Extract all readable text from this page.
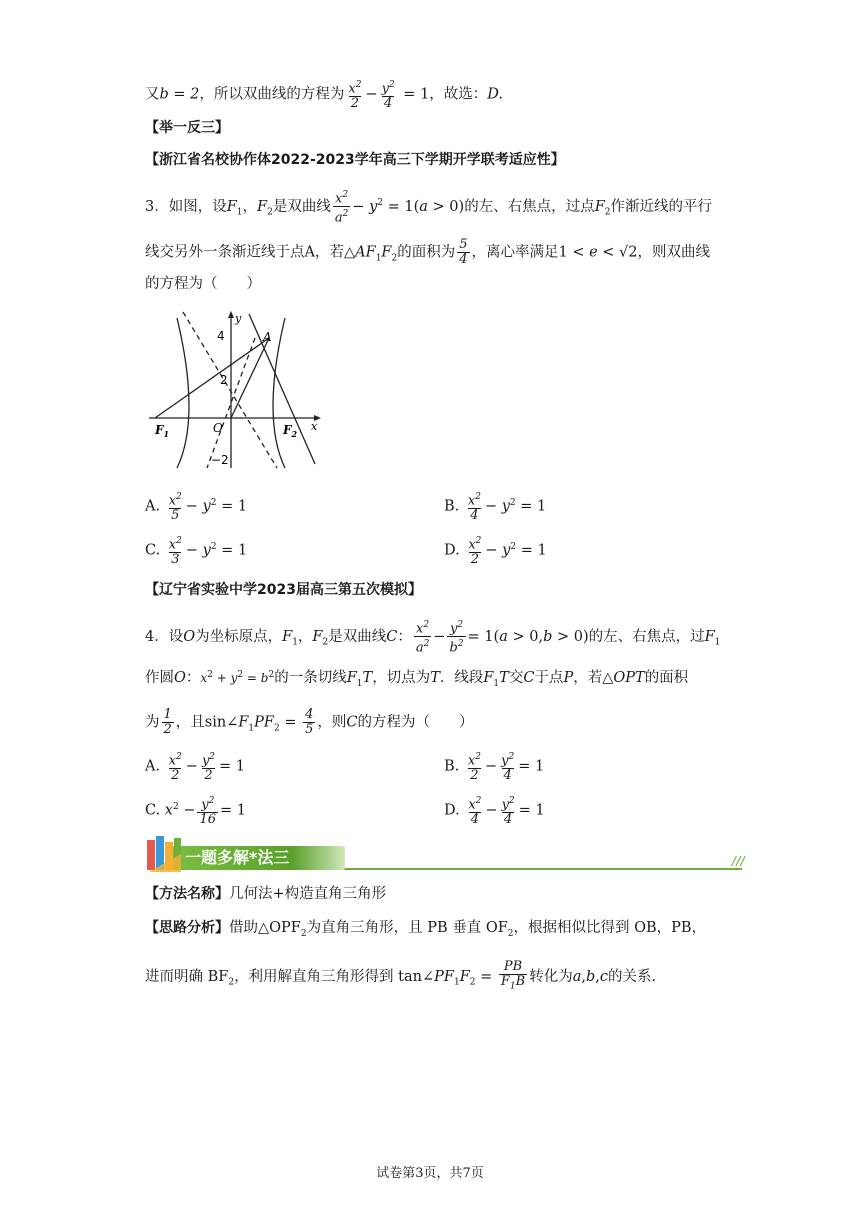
又b = 2，所以双曲线的方程为 $\frac{x^2}{2} - \frac{y^2}{4} = 1$，故选：D.
【举一反三】
【浙江省名校协作体2022-2023学年高三下学期开学联考适应性】
3．如图，设$F_1$，$F_2$是双曲线 $\frac{x^2}{a^2} - y^2 = 1(a > 0)$的左、右焦点，过点$F_2$作渐近线的平行
线交另外一条渐近线于点A，若$\triangle AF_1F_2$的面积为 $\frac{5}{4}$ ，离心率满足1 < e < √2，则双曲线
的方程为（　　）
y
x
4
2
−2
A
O
$F_1$	$F_2$
A. $\frac{x^2}{5} - y^2 = 1$	B. $\frac{x^2}{4} - y^2 = 1$
C. $\frac{x^2}{3} - y^2 = 1$	D. $\frac{x^2}{2} - y^2 = 1$
【辽宁省实验中学2023届高三第五次模拟】
4．设O为坐标原点，$F_1$，$F_2$是双曲线C： $\frac{x^2}{a^2} - \frac{y^2}{b^2} = 1(a > 0,b > 0)$的左、右焦点，过$F_1$
作圆O：$x^2 + y^2 = b^2$的一条切线$F_1T$，切点为T．线段$F_1T$交C于点P，若△OPT的面积
为 $\frac{1}{2}$ ，且$\sin\angle F_1PF_2 = \frac{4}{5}$ ，则C的方程为（　　）
A. $\frac{x^2}{2} - \frac{y^2}{2} = 1$	B. $\frac{x^2}{2} - \frac{y^2}{4} = 1$
C. $x^2 - \frac{y^2}{16} = 1$	D. $\frac{x^2}{4} - \frac{y^2}{4} = 1$
一题多解*法三	///
【方法名称】几何法+构造直角三角形
【思路分析】借助$\triangle OPF_2$为直角三角形，且 PB 垂直 $OF_2$，根据相似比得到 OB，PB，
进而明确 $BF_2$，利用解直角三角形得到 $\tan\angle PF_1F_2 = \frac{PB}{F_1B}$ 转化为a,b,c的关系.
试卷第3页，共7页
